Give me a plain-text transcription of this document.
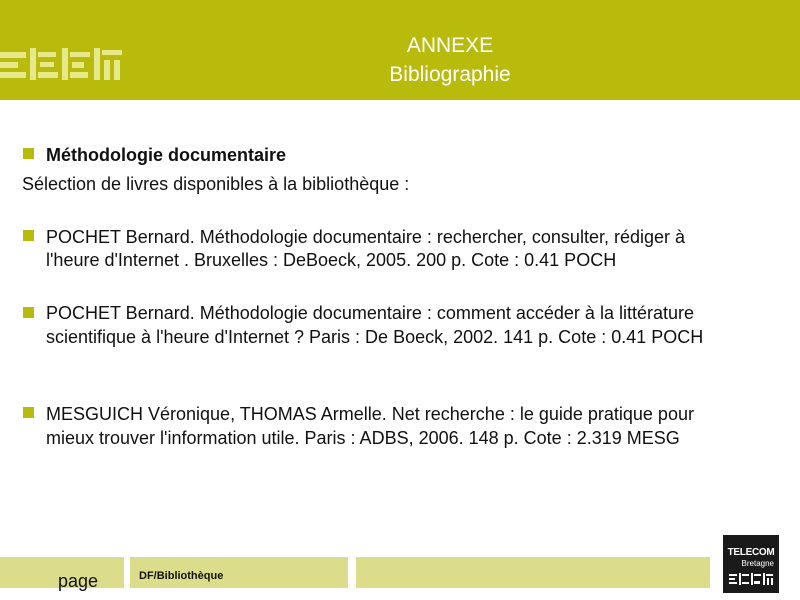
ANNEXE
Bibliographie
Méthodologie documentaire
Sélection de livres disponibles à la bibliothèque :
POCHET Bernard. Méthodologie documentaire : rechercher, consulter, rédiger à
l'heure d'Internet . Bruxelles : DeBoeck, 2005. 200 p. Cote : 0.41 POCH
POCHET Bernard. Méthodologie documentaire : comment accéder à la littérature
scientifique à l'heure d'Internet ? Paris : De Boeck, 2002. 141 p. Cote : 0.41 POCH
MESGUICH Véronique, THOMAS Armelle. Net recherche : le guide pratique pour
mieux trouver l'information utile. Paris : ADBS, 2006. 148 p. Cote : 2.319 MESG
page	DF/Bibliothèque
TELECOM
Bretagne
